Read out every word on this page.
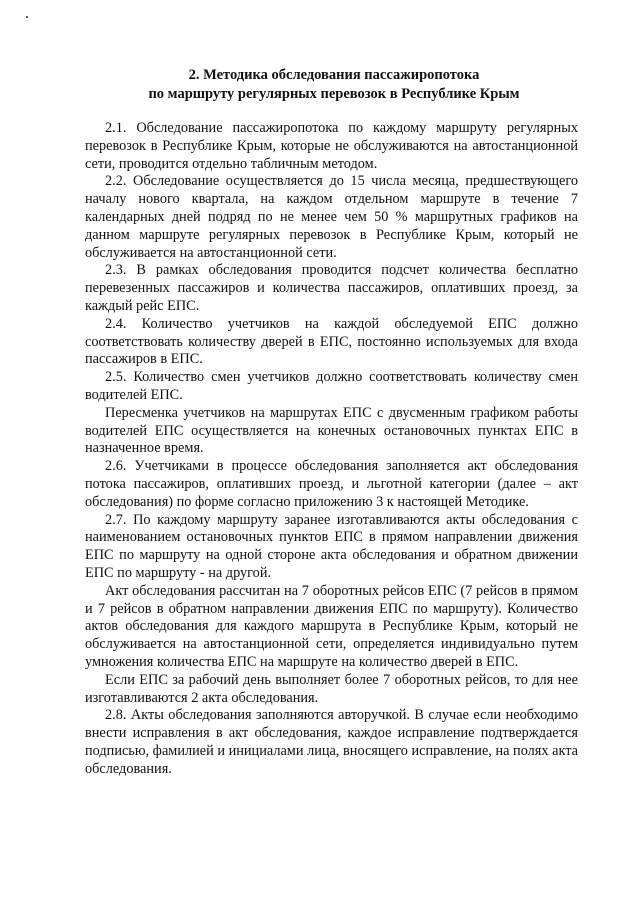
2. Методика обследования пассажиропотока
по маршруту регулярных перевозок в Республике Крым

2.1. Обследование пассажиропотока по каждому маршруту регулярных перевозок в Республике Крым, которые не обслуживаются на автостанционной сети, проводится отдельно табличным методом.

2.2. Обследование осуществляется до 15 числа месяца, предшествующего началу нового квартала, на каждом отдельном маршруте в течение 7 календарных дней подряд по не менее чем 50 % маршрутных графиков на данном маршруте регулярных перевозок в Республике Крым, который не обслуживается на автостанционной сети.

2.3. В рамках обследования проводится подсчет количества бесплатно перевезенных пассажиров и количества пассажиров, оплативших проезд, за каждый рейс ЕПС.

2.4. Количество учетчиков на каждой обследуемой ЕПС должно соответствовать количеству дверей в ЕПС, постоянно используемых для входа пассажиров в ЕПС.

2.5. Количество смен учетчиков должно соответствовать количеству смен водителей ЕПС.

Пересменка учетчиков на маршрутах ЕПС с двусменным графиком работы водителей ЕПС осуществляется на конечных остановочных пунктах ЕПС в назначенное время.

2.6. Учетчиками в процессе обследования заполняется акт обследования потока пассажиров, оплативших проезд, и льготной категории (далее – акт обследования) по форме согласно приложению 3 к настоящей Методике.

2.7. По каждому маршруту заранее изготавливаются акты обследования с наименованием остановочных пунктов ЕПС в прямом направлении движения ЕПС по маршруту на одной стороне акта обследования и обратном движении ЕПС по маршруту - на другой.

Акт обследования рассчитан на 7 оборотных рейсов ЕПС (7 рейсов в прямом и 7 рейсов в обратном направлении движения ЕПС по маршруту). Количество актов обследования для каждого маршрута в Республике Крым, который не обслуживается на автостанционной сети, определяется индивидуально путем умножения количества ЕПС на маршруте на количество дверей в ЕПС.

Если ЕПС за рабочий день выполняет более 7 оборотных рейсов, то для нее изготавливаются 2 акта обследования.

2.8. Акты обследования заполняются авторучкой. В случае если необходимо внести исправления в акт обследования, каждое исправление подтверждается подписью, фамилией и инициалами лица, вносящего исправление, на полях акта обследования.
